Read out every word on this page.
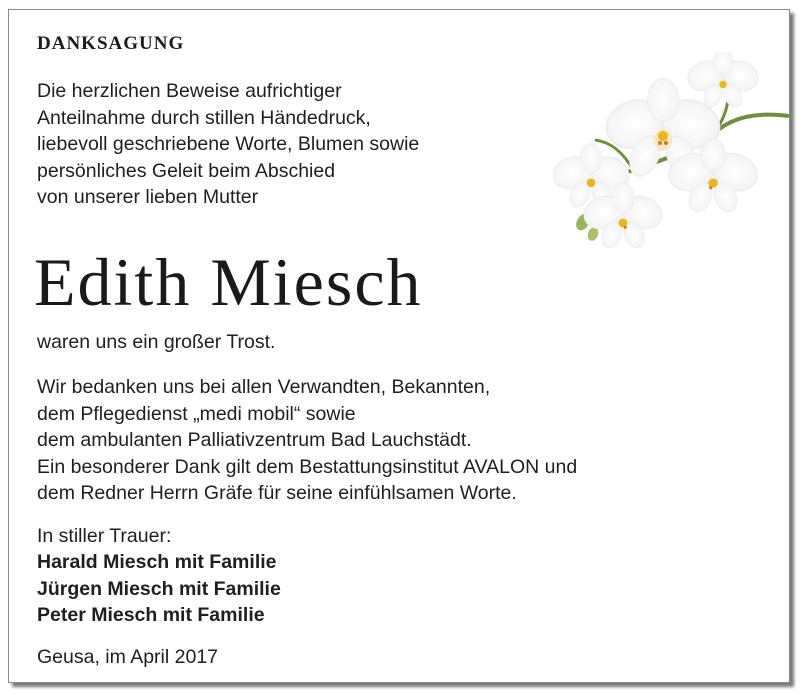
DANKSAGUNG
Die herzlichen Beweise aufrichtiger
Anteilnahme durch stillen Händedruck,
liebevoll geschriebene Worte, Blumen sowie
persönliches Geleit beim Abschied
von unserer lieben Mutter
Edith Miesch
waren uns ein großer Trost.
Wir bedanken uns bei allen Verwandten, Bekannten,
dem Pflegedienst „medi mobil“ sowie
dem ambulanten Palliativzentrum Bad Lauchstädt.
Ein besonderer Dank gilt dem Bestattungsinstitut AVALON und
dem Redner Herrn Gräfe für seine einfühlsamen Worte.
In stiller Trauer:
Harald Miesch mit Familie
Jürgen Miesch mit Familie
Peter Miesch mit Familie
Geusa, im April 2017
